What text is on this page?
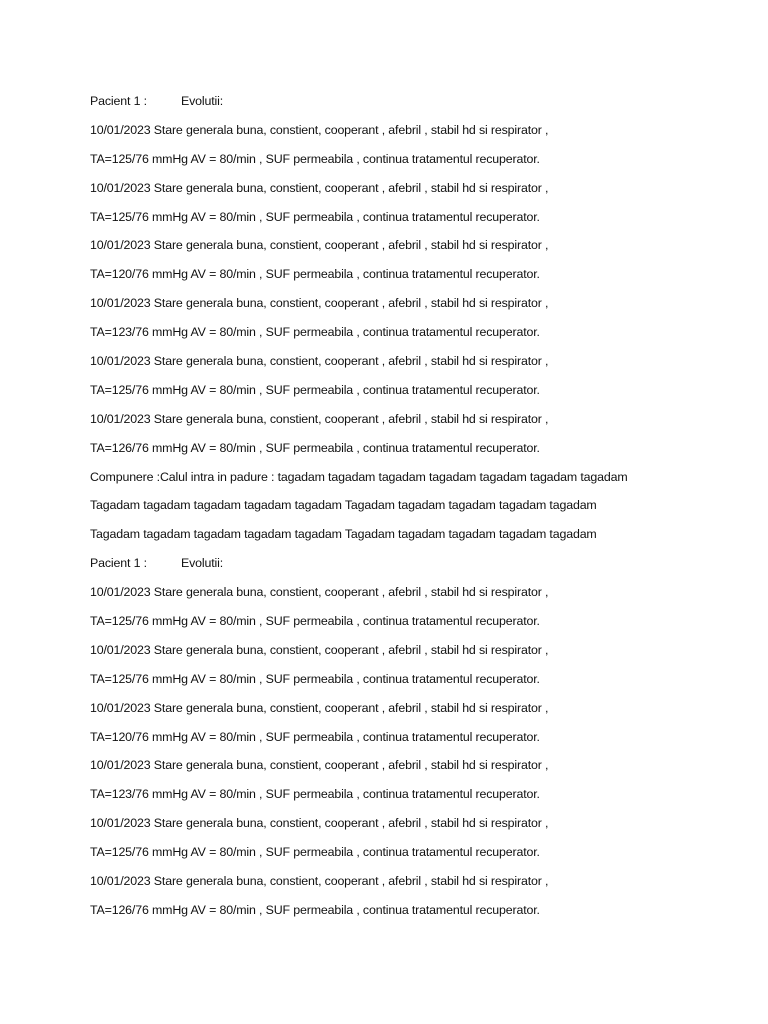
Pacient 1 :	Evolutii:
10/01/2023 Stare generala buna, constient, cooperant , afebril , stabil hd si respirator ,
TA=125/76 mmHg AV = 80/min , SUF permeabila , continua tratamentul recuperator.
10/01/2023 Stare generala buna, constient, cooperant , afebril , stabil hd si respirator ,
TA=125/76 mmHg AV = 80/min , SUF permeabila , continua tratamentul recuperator.
10/01/2023 Stare generala buna, constient, cooperant , afebril , stabil hd si respirator ,
TA=120/76 mmHg AV = 80/min , SUF permeabila , continua tratamentul recuperator.
10/01/2023 Stare generala buna, constient, cooperant , afebril , stabil hd si respirator ,
TA=123/76 mmHg AV = 80/min , SUF permeabila , continua tratamentul recuperator.
10/01/2023 Stare generala buna, constient, cooperant , afebril , stabil hd si respirator ,
TA=125/76 mmHg AV = 80/min , SUF permeabila , continua tratamentul recuperator.
10/01/2023 Stare generala buna, constient, cooperant , afebril , stabil hd si respirator ,
TA=126/76 mmHg AV = 80/min , SUF permeabila , continua tratamentul recuperator.
Compunere :Calul intra in padure : tagadam tagadam tagadam tagadam tagadam tagadam tagadam
Tagadam tagadam tagadam tagadam tagadam Tagadam tagadam tagadam tagadam tagadam
Tagadam tagadam tagadam tagadam tagadam Tagadam tagadam tagadam tagadam tagadam
Pacient 1 :	Evolutii:
10/01/2023 Stare generala buna, constient, cooperant , afebril , stabil hd si respirator ,
TA=125/76 mmHg AV = 80/min , SUF permeabila , continua tratamentul recuperator.
10/01/2023 Stare generala buna, constient, cooperant , afebril , stabil hd si respirator ,
TA=125/76 mmHg AV = 80/min , SUF permeabila , continua tratamentul recuperator.
10/01/2023 Stare generala buna, constient, cooperant , afebril , stabil hd si respirator ,
TA=120/76 mmHg AV = 80/min , SUF permeabila , continua tratamentul recuperator.
10/01/2023 Stare generala buna, constient, cooperant , afebril , stabil hd si respirator ,
TA=123/76 mmHg AV = 80/min , SUF permeabila , continua tratamentul recuperator.
10/01/2023 Stare generala buna, constient, cooperant , afebril , stabil hd si respirator ,
TA=125/76 mmHg AV = 80/min , SUF permeabila , continua tratamentul recuperator.
10/01/2023 Stare generala buna, constient, cooperant , afebril , stabil hd si respirator ,
TA=126/76 mmHg AV = 80/min , SUF permeabila , continua tratamentul recuperator.
